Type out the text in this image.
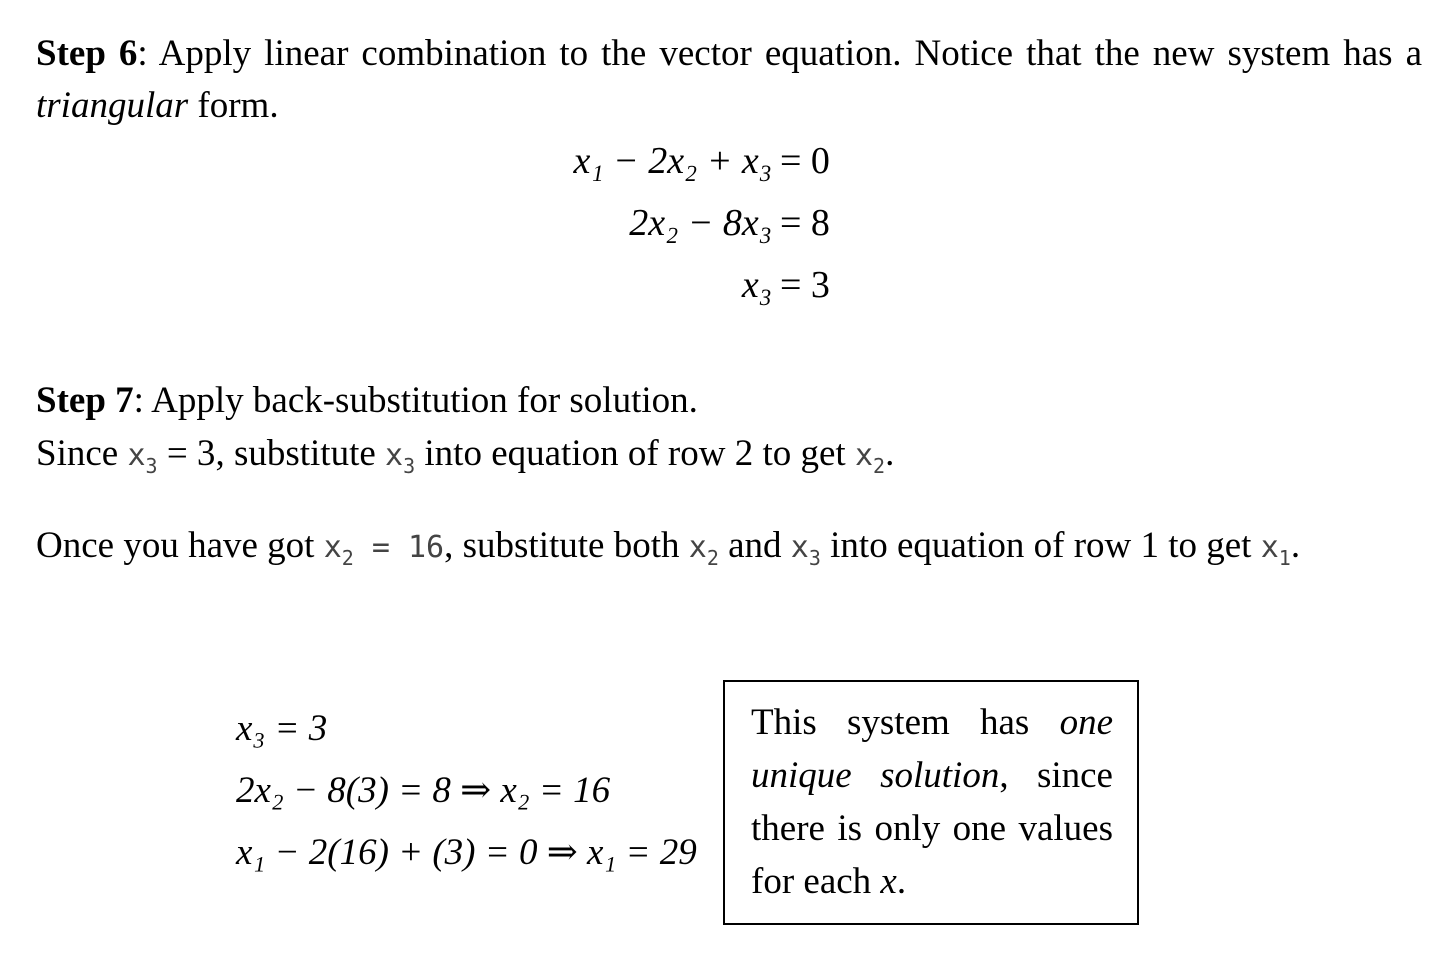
Step 6: Apply linear combination to the vector equation. Notice that the new system has a triangular form.
x₁ − 2x₂ + x₃ = 0
2x₂ − 8x₃ = 8
x₃ = 3
Step 7: Apply back-substitution for solution.
Since $x_3 = 3$, substitute $x_3$ into equation of row 2 to get $x_2$.
Once you have got $x_2 = 16$, substitute both $x_2$ and $x_3$ into equation of row 1 to get $x_1$.
x₃ = 3
2x₂ − 8(3) = 8 ⇒ x₂ = 16
x₁ − 2(16) + (3) = 0 ⇒ x₁ = 29
This system has one unique solution, since there is only one values for each x.
